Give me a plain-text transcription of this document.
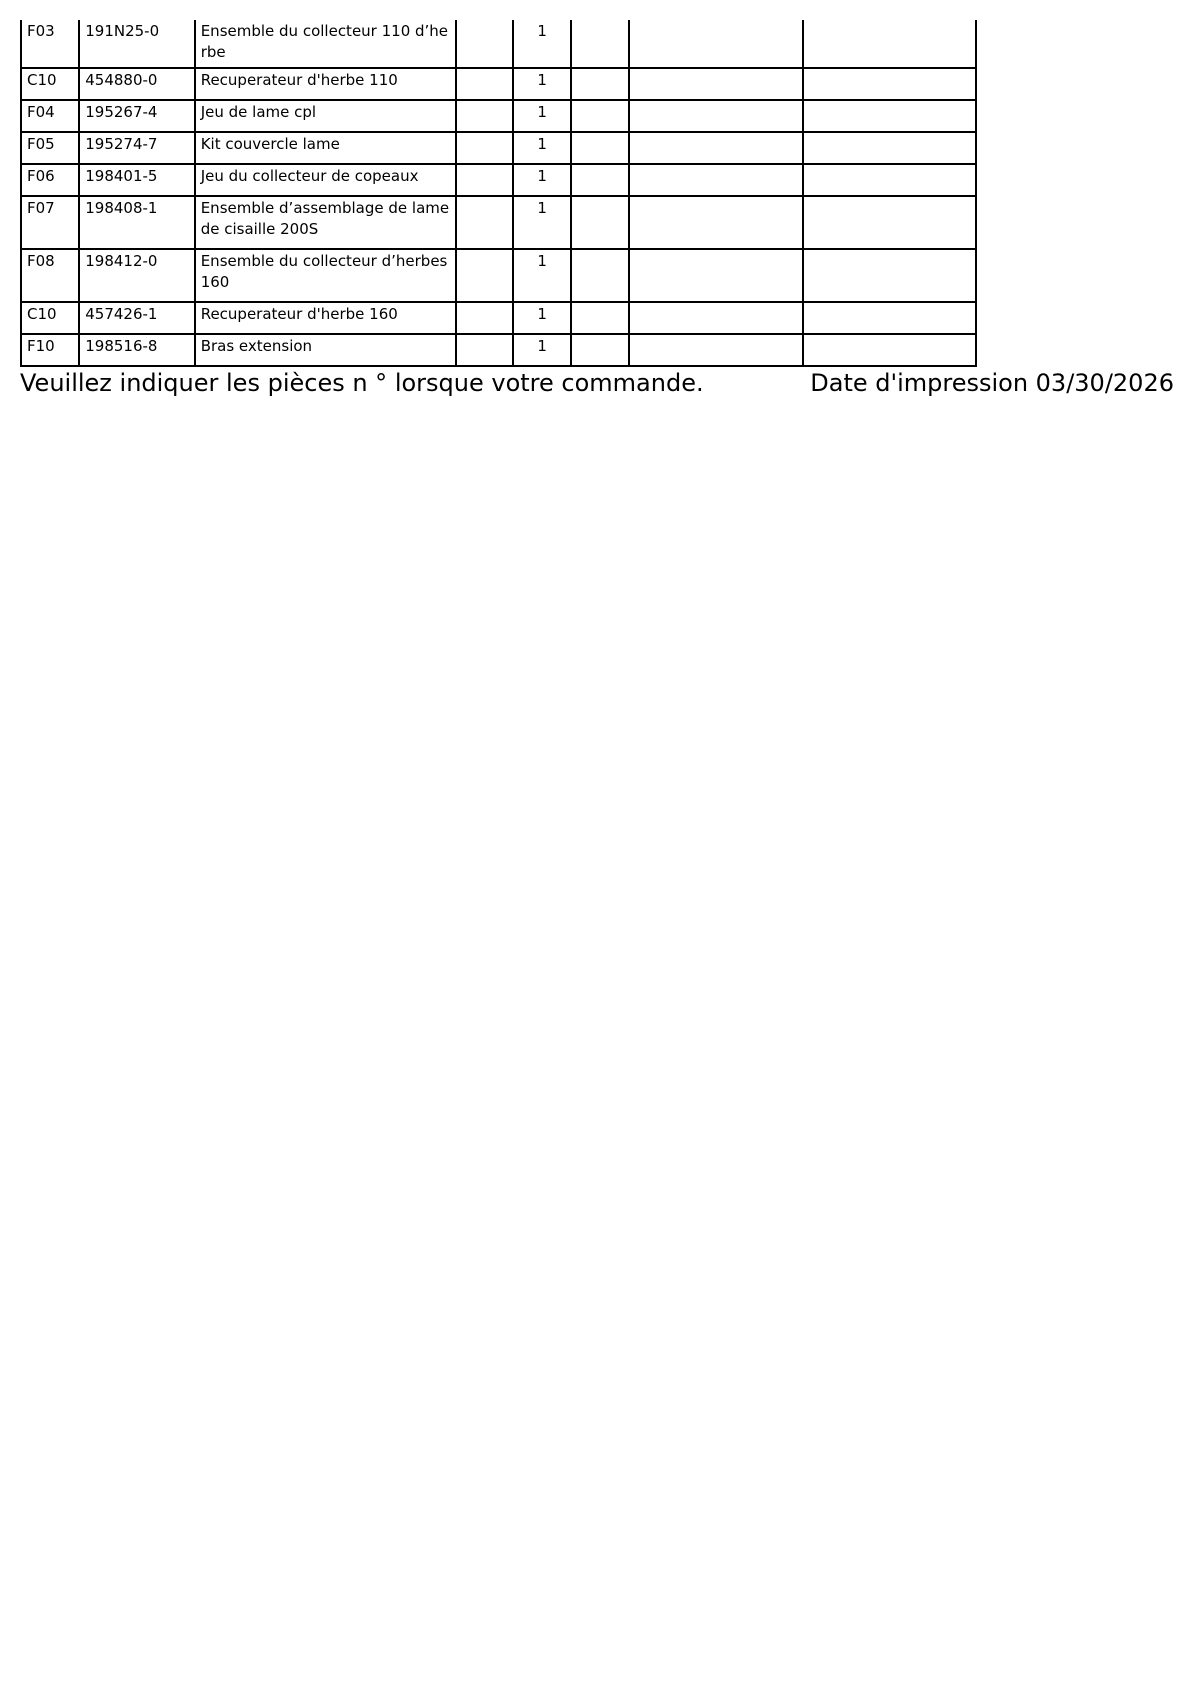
F03	191N25-0	Ensemble du collecteur 110 d’he rbe		1			
C10	454880-0	Recuperateur d'herbe 110		1			
F04	195267-4	Jeu de lame cpl		1			
F05	195274-7	Kit couvercle lame		1			
F06	198401-5	Jeu du collecteur de copeaux		1			
F07	198408-1	Ensemble d’assemblage de lame de cisaille 200S		1			
F08	198412-0	Ensemble du collecteur d’herbes 160		1			
C10	457426-1	Recuperateur d'herbe 160		1			
F10	198516-8	Bras extension		1			
Veuillez indiquer les pièces n ° lorsque votre commande.	Date d'impression 03/30/2026
